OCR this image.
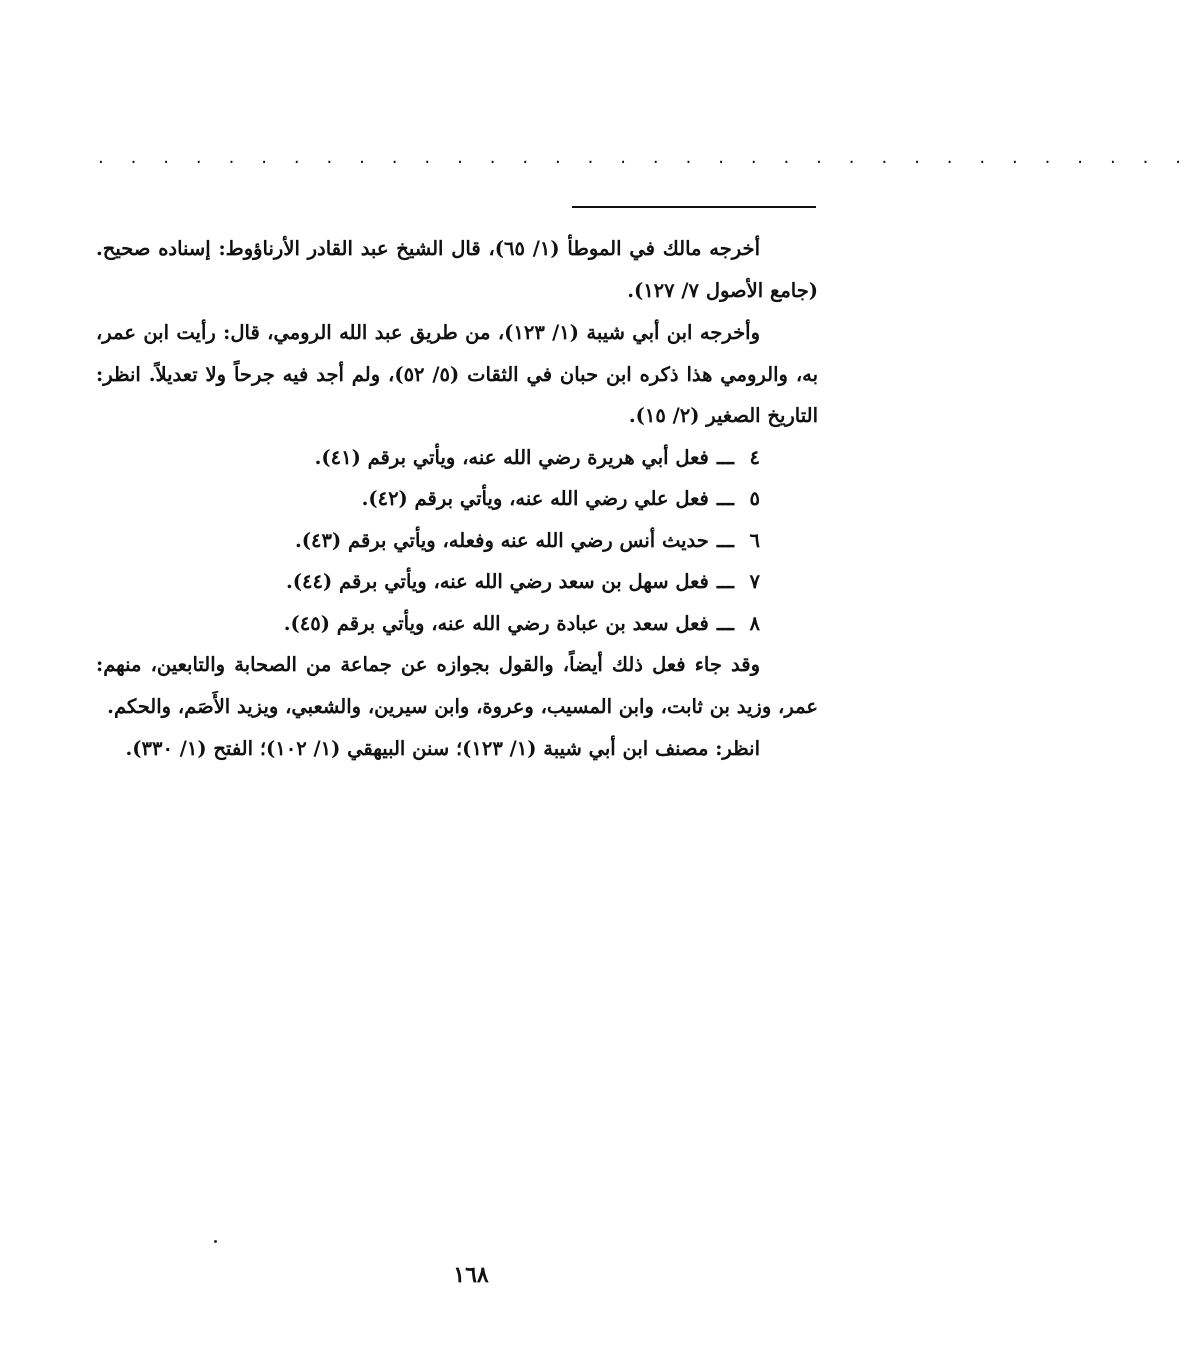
. . . . . . . . . . . . . . . . . . . . . . . . . . . . . . . . . .

أخرجه مالك في الموطأ (١/ ٦٥)، قال الشيخ عبد القادر الأرناؤوط: إسناده صحيح. (جامع الأصول ٧/ ١٢٧).

وأخرجه ابن أبي شيبة (١/ ١٢٣)، من طريق عبد الله الرومي، قال: رأيت ابن عمر، به، والرومي هذا ذكره ابن حبان في الثقات (٥/ ٥٢)، ولم أجد فيه جرحاً ولا تعديلاً. انظر: التاريخ الصغير (٢/ ١٥).

٤ـــفعل أبي هريرة رضي الله عنه، ويأتي برقم (٤١).
٥ـــفعل علي رضي الله عنه، ويأتي برقم (٤٢).
٦ـــحديث أنس رضي الله عنه وفعله، ويأتي برقم (٤٣).
٧ـــفعل سهل بن سعد رضي الله عنه، ويأتي برقم (٤٤).
٨ـــفعل سعد بن عبادة رضي الله عنه، ويأتي برقم (٤٥).

وقد جاء فعل ذلك أيضاً، والقول بجوازه عن جماعة من الصحابة والتابعين، منهم: عمر، وزيد بن ثابت، وابن المسيب، وعروة، وابن سيرين، والشعبي، ويزيد الأَصَم، والحكم.

انظر: مصنف ابن أبي شيبة (١/ ١٢٣)؛ سنن البيهقي (١/ ١٠٢)؛ الفتح (١/ ٣٣٠).

١٦٨
